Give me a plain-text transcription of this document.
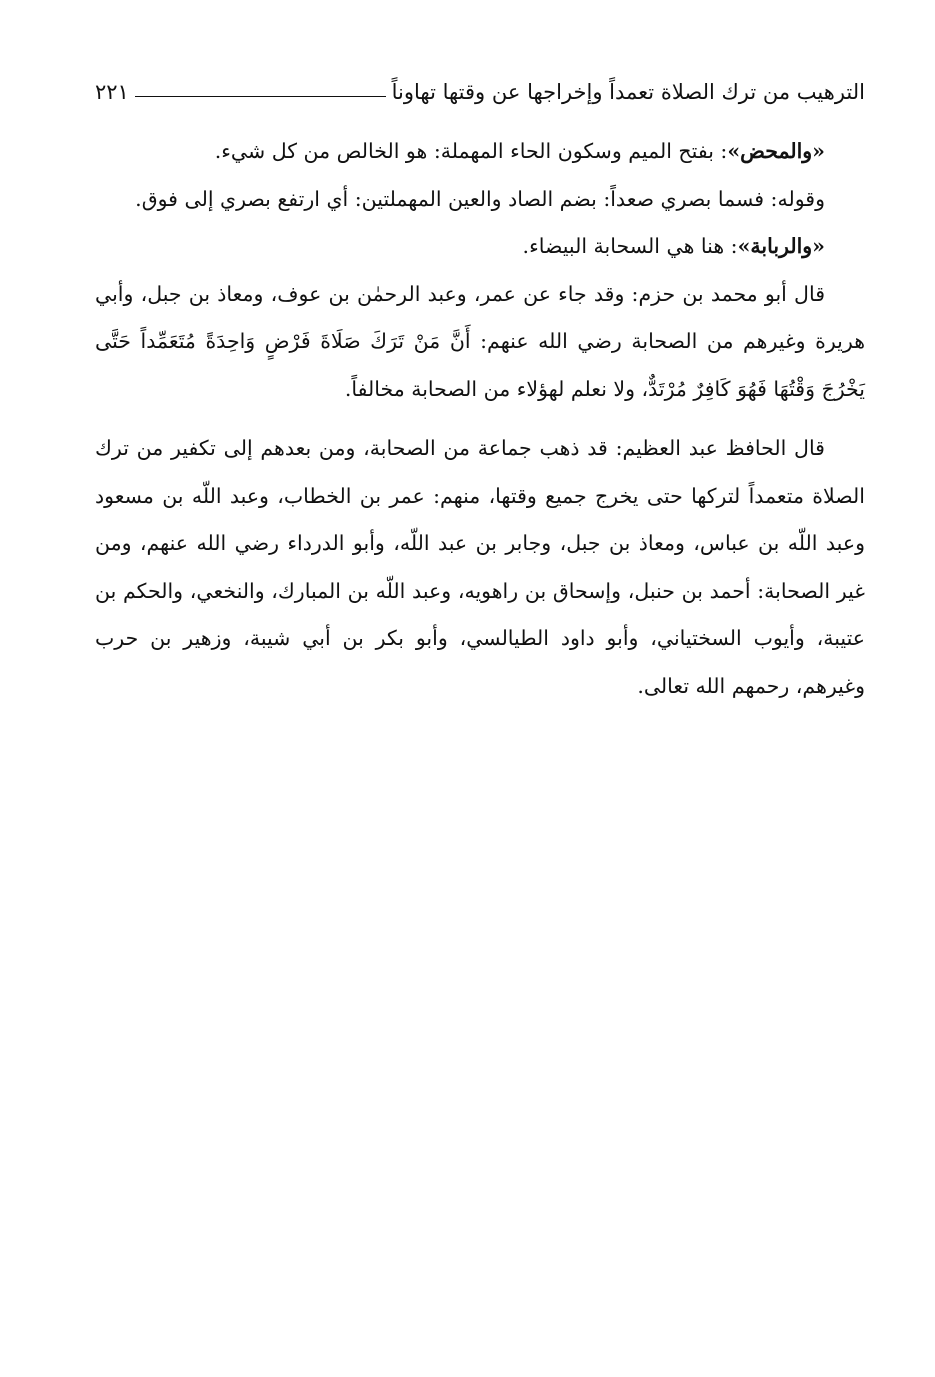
الترهيب من ترك الصلاة تعمداً وإخراجها عن وقتها تهاوناً
٢٢١

«والمحض»: بفتح الميم وسكون الحاء المهملة: هو الخالص من كل شيء.

وقوله: فسما بصري صعداً: بضم الصاد والعين المهملتين: أي ارتفع بصري إلى فوق.

«والربابة»: هنا هي السحابة البيضاء.

قال أبو محمد بن حزم: وقد جاء عن عمر، وعبد الرحمٰن بن عوف، ومعاذ بن جبل، وأبي هريرة وغيرهم من الصحابة رضي الله عنهم: أَنَّ مَنْ تَرَكَ صَلَاةَ فَرْضٍ وَاحِدَةً مُتَعَمِّداً حَتَّى يَخْرُجَ وَقْتُهَا فَهُوَ كَافِرٌ مُرْتَدٌّ، ولا نعلم لهؤلاء من الصحابة مخالفاً.

قال الحافظ عبد العظيم: قد ذهب جماعة من الصحابة، ومن بعدهم إلى تكفير من ترك الصلاة متعمداً لتركها حتى يخرج جميع وقتها، منهم: عمر بن الخطاب، وعبد اللّه بن مسعود وعبد اللّه بن عباس، ومعاذ بن جبل، وجابر بن عبد اللّه، وأبو الدرداء رضي الله عنهم، ومن غير الصحابة: أحمد بن حنبل، وإسحاق بن راهويه، وعبد اللّه بن المبارك، والنخعي، والحكم بن عتيبة، وأيوب السختياني، وأبو داود الطيالسي، وأبو بكر بن أبي شيبة، وزهير بن حرب وغيرهم، رحمهم الله تعالى.
